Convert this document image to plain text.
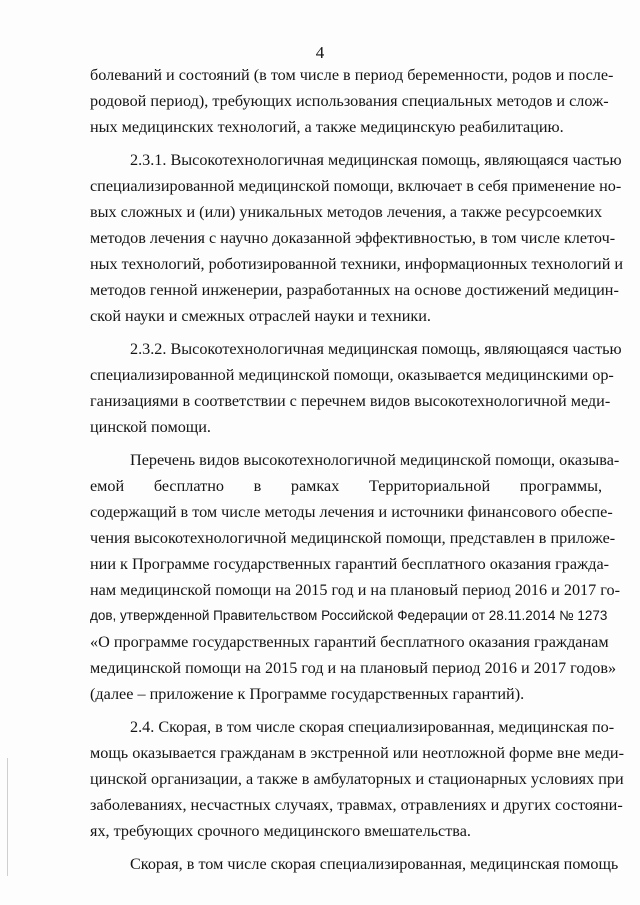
4
болеваний и состояний (в том числе в период беременности, родов и после-
родовой период), требующих использования специальных методов и слож-
ных медицинских технологий, а также медицинскую реабилитацию.
2.3.1. Высокотехнологичная медицинская помощь, являющаяся частью
специализированной медицинской помощи, включает в себя применение но-
вых сложных и (или) уникальных методов лечения, а также ресурсоемких
методов лечения с научно доказанной эффективностью, в том числе клеточ-
ных технологий, роботизированной техники, информационных технологий и
методов генной инженерии, разработанных на основе достижений медицин-
ской науки и смежных отраслей науки и техники.
2.3.2. Высокотехнологичная медицинская помощь, являющаяся частью
специализированной медицинской помощи, оказывается медицинскими ор-
ганизациями в соответствии с перечнем видов высокотехнологичной меди-
цинской помощи.
Перечень видов высокотехнологичной медицинской помощи, оказыва-
емой бесплатно в рамках Территориальной программы,
содержащий в том числе методы лечения и источники финансового обеспе-
чения высокотехнологичной медицинской помощи, представлен в приложе-
нии к Программе государственных гарантий бесплатного оказания гражда-
нам медицинской помощи на 2015 год и на плановый период 2016 и 2017 го-
дов, утвержденной Правительством Российской Федерации от 28.11.2014 № 1273
«О программе государственных гарантий бесплатного оказания гражданам
медицинской помощи на 2015 год и на плановый период 2016 и 2017 годов»
(далее – приложение к Программе государственных гарантий).
2.4. Скорая, в том числе скорая специализированная, медицинская по-
мощь оказывается гражданам в экстренной или неотложной форме вне меди-
цинской организации, а также в амбулаторных и стационарных условиях при
заболеваниях, несчастных случаях, травмах, отравлениях и других состояни-
ях, требующих срочного медицинского вмешательства.
Скорая, в том числе скорая специализированная, медицинская помощь
